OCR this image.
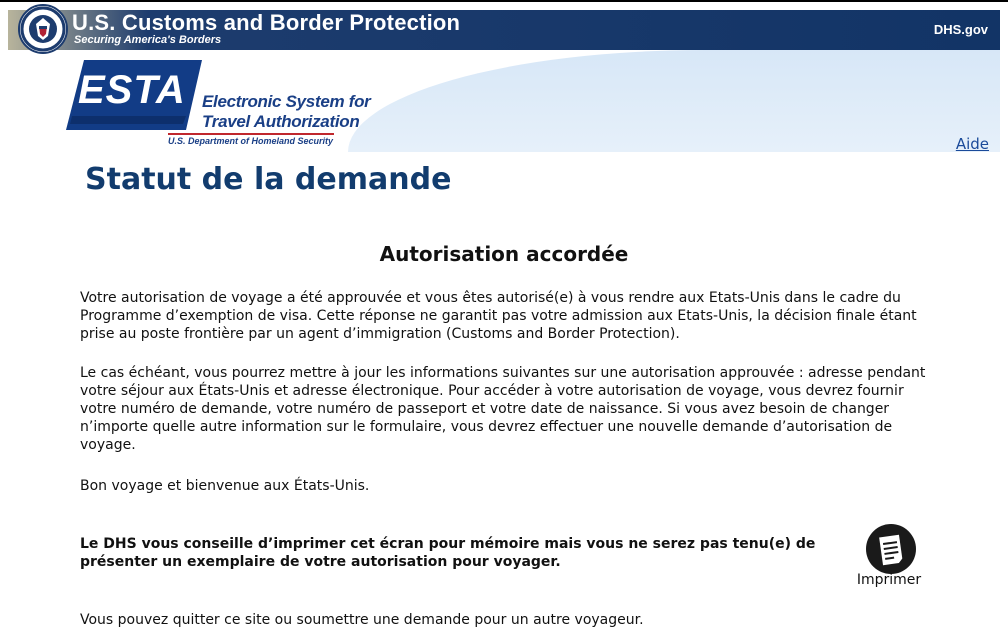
U.S. Customs and Border Protection
Securing America's Borders
DHS.gov
ESTA Electronic System for
Travel Authorization
U.S. Department of Homeland Security	Aide
Statut de la demande
Autorisation accordée

Votre autorisation de voyage a été approuvée et vous êtes autorisé(e) à vous rendre aux Etats-Unis dans le cadre du Programme d’exemption de visa. Cette réponse ne garantit pas votre admission aux Etats-Unis, la décision finale étant prise au poste frontière par un agent d’immigration (Customs and Border Protection).

Le cas échéant, vous pourrez mettre à jour les informations suivantes sur une autorisation approuvée : adresse pendant votre séjour aux États-Unis et adresse électronique. Pour accéder à votre autorisation de voyage, vous devrez fournir votre numéro de demande, votre numéro de passeport et votre date de naissance. Si vous avez besoin de changer n’importe quelle autre information sur le formulaire, vous devrez effectuer une nouvelle demande d’autorisation de voyage.

Bon voyage et bienvenue aux États-Unis.

Le DHS vous conseille d’imprimer cet écran pour mémoire mais vous ne serez pas tenu(e) de présenter un exemplaire de votre autorisation pour voyager.

Imprimer

Vous pouvez quitter ce site ou soumettre une demande pour un autre voyageur.
